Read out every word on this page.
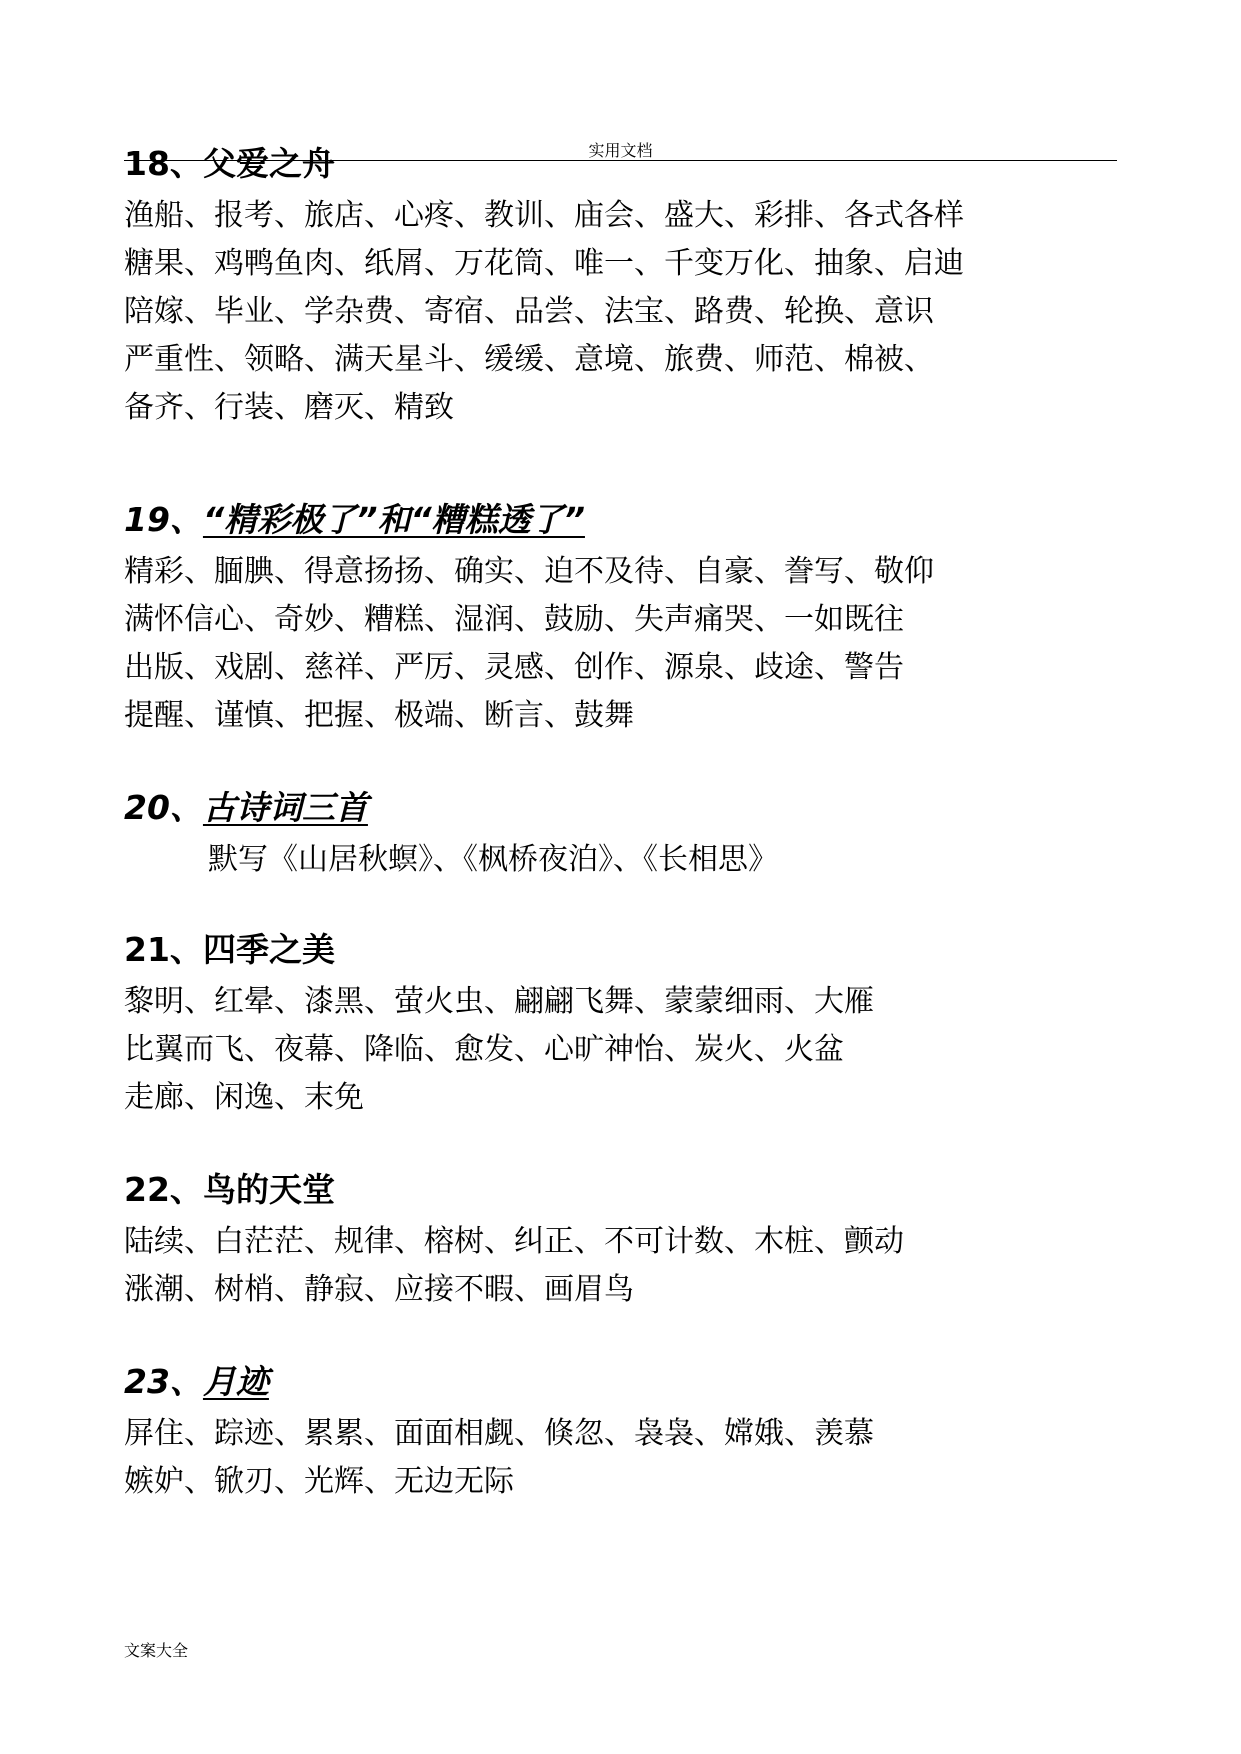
实用文档
18、父爱之舟
渔船、报考、旅店、心疼、教训、庙会、盛大、彩排、各式各样
糖果、鸡鸭鱼肉、纸屑、万花筒、唯一、千变万化、抽象、启迪
陪嫁、毕业、学杂费、寄宿、品尝、法宝、路费、轮换、意识
严重性、领略、满天星斗、缓缓、意境、旅费、师范、棉被、
备齐、行装、磨灭、精致
19、“精彩极了”和“糟糕透了”
精彩、腼腆、得意扬扬、确实、迫不及待、自豪、誊写、敬仰
满怀信心、奇妙、糟糕、湿润、鼓励、失声痛哭、一如既往
出版、戏剧、慈祥、严厉、灵感、创作、源泉、歧途、警告
提醒、谨慎、把握、极端、断言、鼓舞
20、古诗词三首
默写《山居秋螟》、《枫桥夜泊》、《长相思》
21、四季之美
黎明、红晕、漆黑、萤火虫、翩翩飞舞、蒙蒙细雨、大雁
比翼而飞、夜幕、降临、愈发、心旷神怡、炭火、火盆
走廊、闲逸、末免
22、鸟的天堂
陆续、白茫茫、规律、榕树、纠正、不可计数、木桩、颤动
涨潮、树梢、静寂、应接不暇、画眉鸟
23、月迹
屏住、踪迹、累累、面面相觑、倏忽、袅袅、嫦娥、羡慕
嫉妒、锨刃、光辉、无边无际
文案大全
